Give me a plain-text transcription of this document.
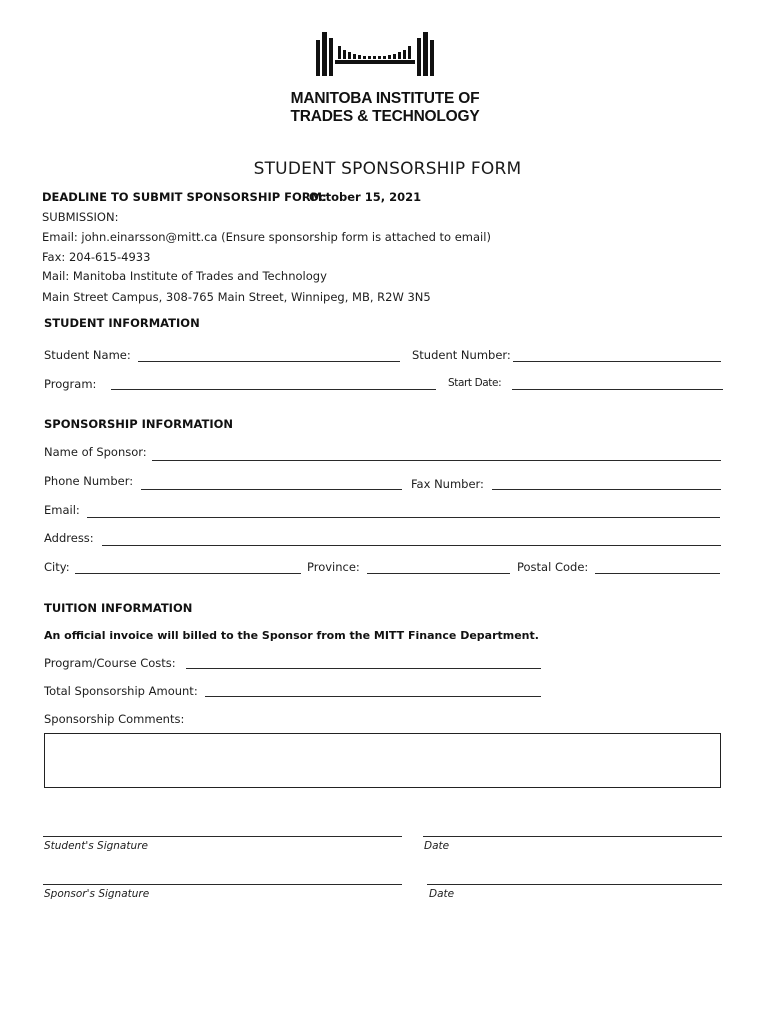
MANITOBA INSTITUTE OF
TRADES & TECHNOLOGY
STUDENT SPONSORSHIP FORM
DEADLINE TO SUBMIT SPONSORSHIP FORM:
October 15, 2021
SUBMISSION:
Email: john.einarsson@mitt.ca (Ensure sponsorship form is attached to email)
Fax: 204-615-4933
Mail: Manitoba Institute of Trades and Technology
Main Street Campus, 308-765 Main Street, Winnipeg, MB, R2W 3N5
STUDENT INFORMATION
Student Name:	Student Number:
Program:	Start Date:
SPONSORSHIP INFORMATION
Name of Sponsor:
Phone Number:	Fax Number:
Email:
Address:
City:	Province:	Postal Code:
TUITION INFORMATION
An official invoice will billed to the Sponsor from the MITT Finance Department.
Program/Course Costs:
Total Sponsorship Amount:
Sponsorship Comments:
Student's Signature	Date
Sponsor's Signature	Date
